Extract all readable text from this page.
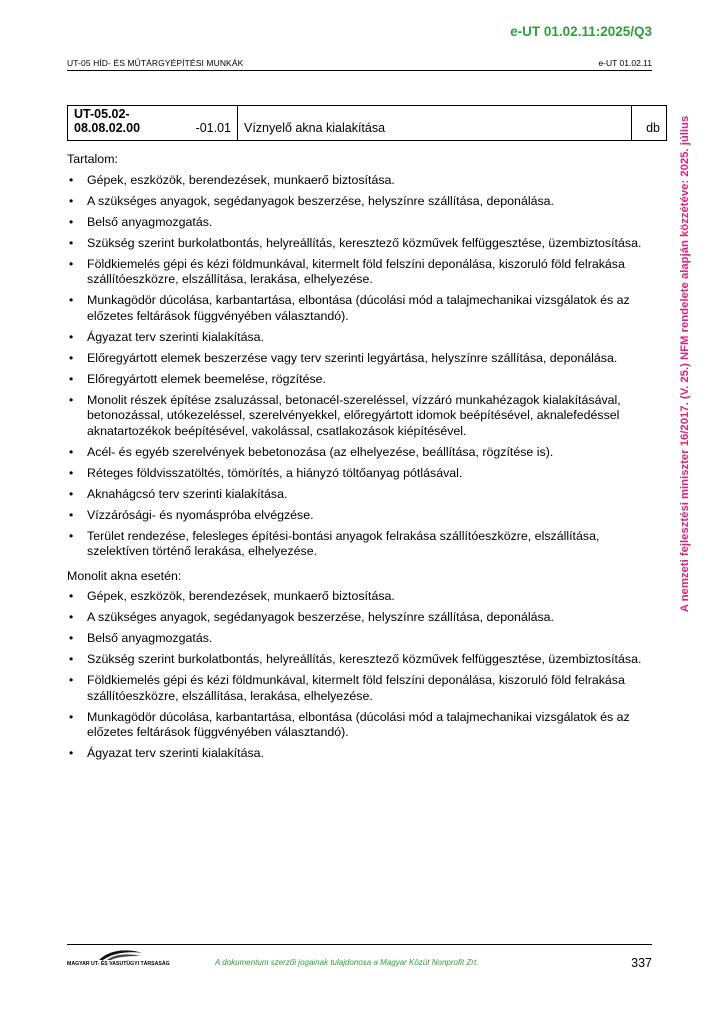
e-UT 01.02.11:2025/Q3
UT-05 HÍD- ÉS MŰTÁRGYÉPÍTÉSI MUNKÁK	e-UT 01.02.11
UT-05.02-08.08.02.00	-01.01	Víznyelő akna kialakítása	db

Tartalom:

• Gépek, eszközök, berendezések, munkaerő biztosítása.
• A szükséges anyagok, segédanyagok beszerzése, helyszínre szállítása, deponálása.
• Belső anyagmozgatás.
• Szükség szerint burkolatbontás, helyreállítás, keresztező közművek felfüggesztése, üzembiztosítása.
• Földkiemelés gépi és kézi földmunkával, kitermelt föld felszíni deponálása, kiszoruló föld felrakása szállítóeszközre, elszállítása, lerakása, elhelyezése.
• Munkagödör dúcolása, karbantartása, elbontása (dúcolási mód a talajmechanikai vizsgálatok és az előzetes feltárások függvényében választandó).
• Ágyazat terv szerinti kialakítása.
• Előregyártott elemek beszerzése vagy terv szerinti legyártása, helyszínre szállítása, deponálása.
• Előregyártott elemek beemelése, rögzítése.
• Monolit részek építése zsaluzással, betonacél-szereléssel, vízzáró munkahézagok kialakításával, betonozással, utókezeléssel, szerelvényekkel, előregyártott idomok beépítésével, aknalefedéssel aknatartozékok beépítésével, vakolással, csatlakozások kiépítésével.
• Acél- és egyéb szerelvények bebetonozása (az elhelyezése, beállítása, rögzítése is).
• Réteges földvisszatöltés, tömörítés, a hiányzó töltőanyag pótlásával.
• Aknahágcsó terv szerinti kialakítása.
• Vízzárósági- és nyomáspróba elvégzése.
• Terület rendezése, felesleges építési-bontási anyagok felrakása szállítóeszközre, elszállítása, szelektíven történő lerakása, elhelyezése.

Monolit akna esetén:

• Gépek, eszközök, berendezések, munkaerő biztosítása.
• A szükséges anyagok, segédanyagok beszerzése, helyszínre szállítása, deponálása.
• Belső anyagmozgatás.
• Szükség szerint burkolatbontás, helyreállítás, keresztező közművek felfüggesztése, üzembiztosítása.
• Földkiemelés gépi és kézi földmunkával, kitermelt föld felszíni deponálása, kiszoruló föld felrakása szállítóeszközre, elszállítása, lerakása, elhelyezése.
• Munkagödör dúcolása, karbantartása, elbontása (dúcolási mód a talajmechanikai vizsgálatok és az előzetes feltárások függvényében választandó).
• Ágyazat terv szerinti kialakítása.
A nemzeti fejlesztési miniszter 16/2017. (V. 25.) NFM rendelete alapján közzétéve: 2025. július
MAGYAR UT- ÉS VASUTÜGYI TÁRSASÁG	A dokumentum szerzői jogainak tulajdonosa a Magyar Közút Nonprofit Zrt.	337
